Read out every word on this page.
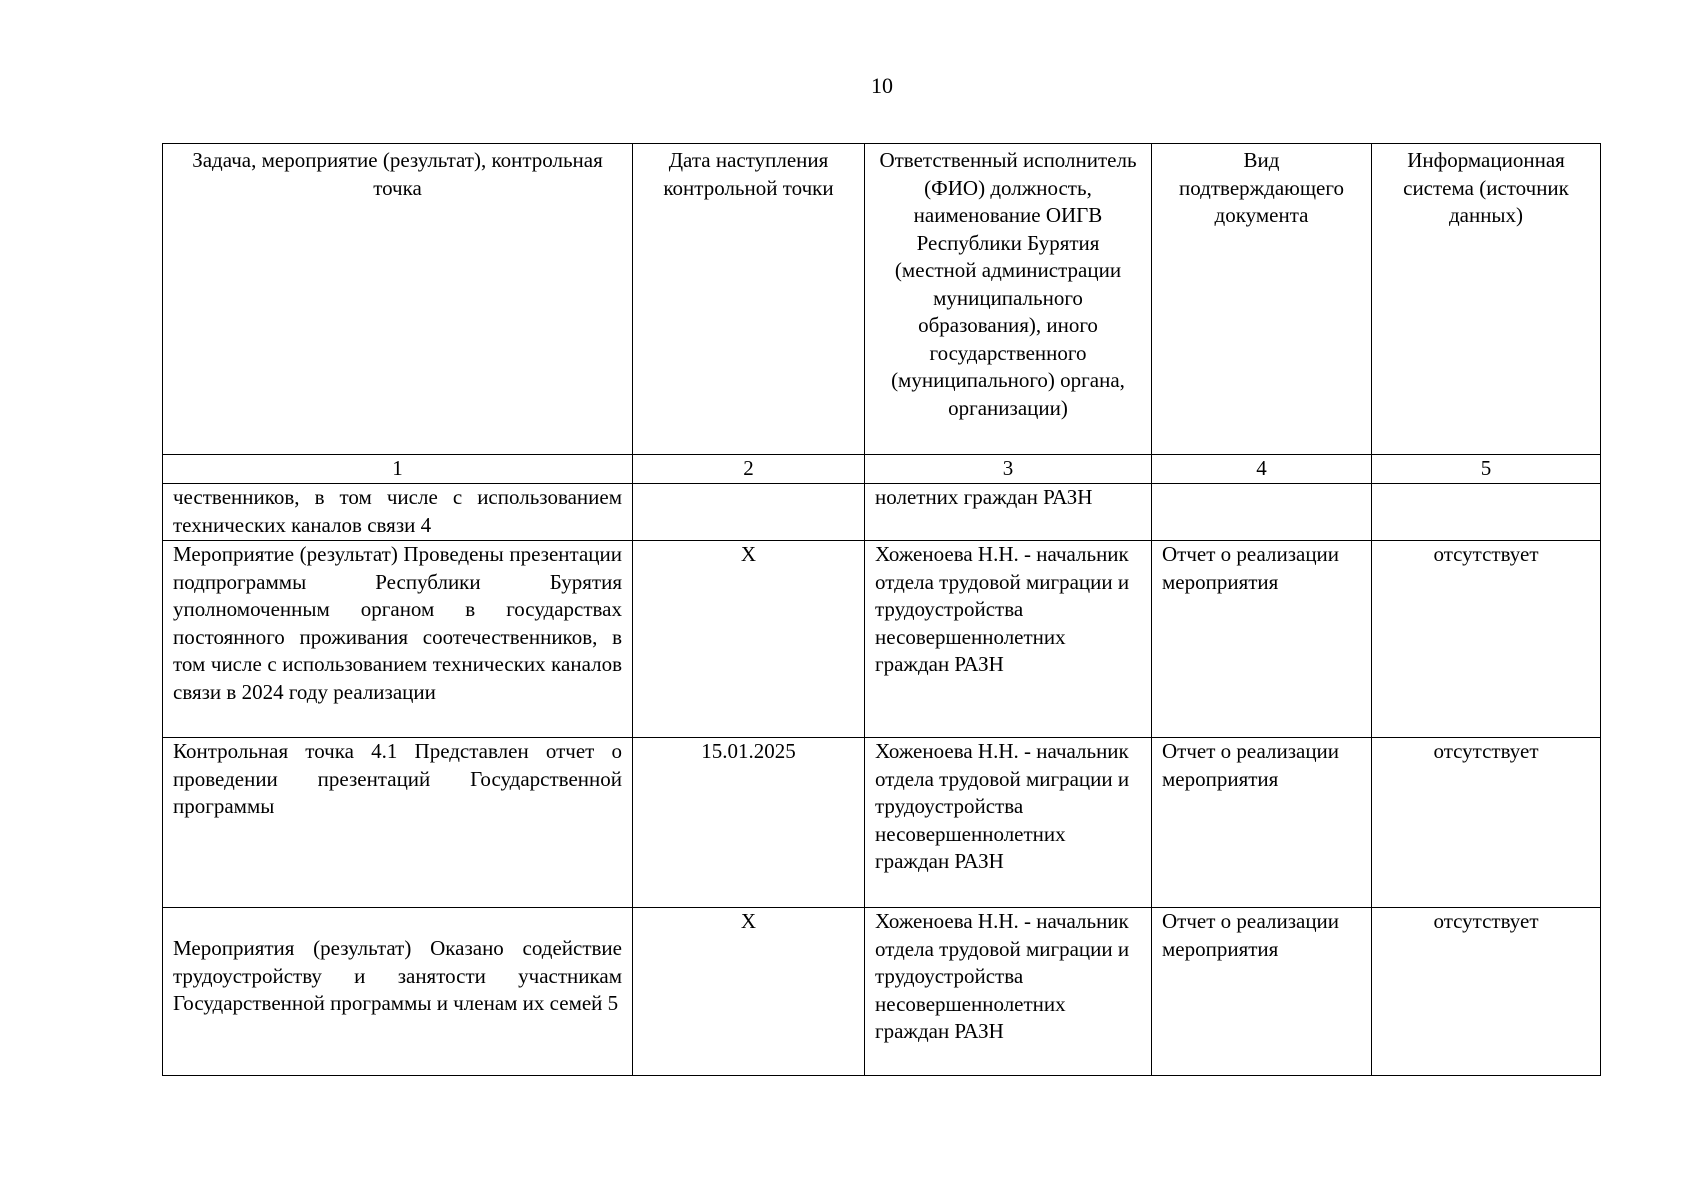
10
Задача, мероприятие (результат), контрольная точка	Дата наступления контрольной точки	Ответственный исполнитель (ФИО) должность, наименование ОИГВ Республики Бурятия (местной администрации муниципального образования), иного государственного (муниципального) органа, организации)	Вид подтверждающего документа	Информационная система (источник данных)
1	2	3	4	5
чественников, в том числе с использованием технических каналов связи 4		нолетних граждан РАЗН		
Мероприятие (результат) Проведены презентации подпрограммы Республики Бурятия уполномоченным органом в государствах постоянного проживания соотечественников, в том числе с использованием технических каналов связи в 2024 году реализации	Х	Хоженоева Н.Н. - начальник отдела трудовой миграции и трудоустройства несовершеннолетних граждан РАЗН	Отчет о реализации мероприятия	отсутствует
Контрольная точка 4.1 Представлен отчет о проведении презентаций Государственной программы	15.01.2025	Хоженоева Н.Н. - начальник отдела трудовой миграции и трудоустройства несовершеннолетних граждан РАЗН	Отчет о реализации мероприятия	отсутствует

Мероприятия (результат) Оказано содействие трудоустройству и занятости участникам Государственной программы и членам их семей 5	Х	Хоженоева Н.Н. - начальник отдела трудовой миграции и трудоустройства несовершеннолетних граждан РАЗН	Отчет о реализации мероприятия	отсутствует
